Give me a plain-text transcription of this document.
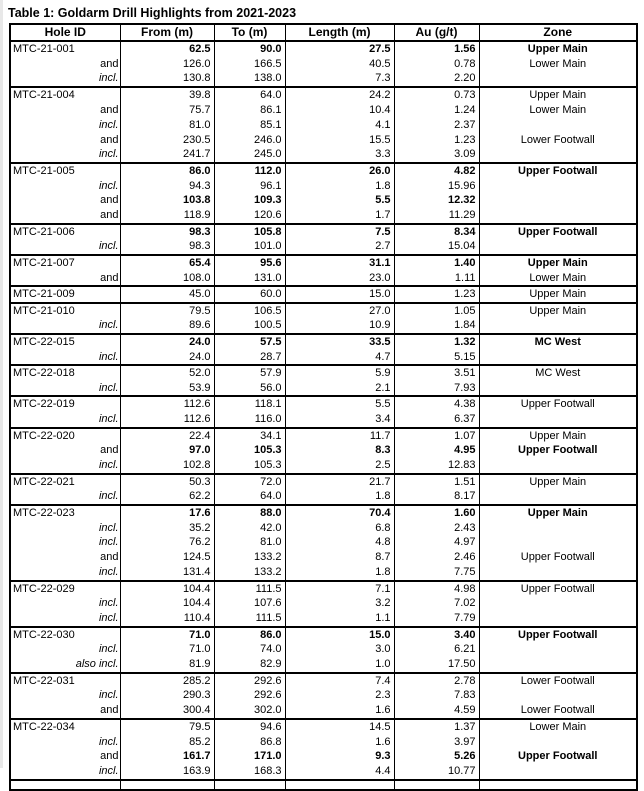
Table 1: Goldarm Drill Highlights from 2021-2023
Hole ID	From (m)	To (m)	Length (m)	Au (g/t)	Zone
MTC-21-001	62.5	90.0	27.5	1.56	Upper Main
and	126.0	166.5	40.5	0.78	Lower Main
incl.	130.8	138.0	7.3	2.20	
MTC-21-004	39.8	64.0	24.2	0.73	Upper Main
and	75.7	86.1	10.4	1.24	Lower Main
incl.	81.0	85.1	4.1	2.37	
and	230.5	246.0	15.5	1.23	Lower Footwall
incl.	241.7	245.0	3.3	3.09	
MTC-21-005	86.0	112.0	26.0	4.82	Upper Footwall
incl.	94.3	96.1	1.8	15.96	
and	103.8	109.3	5.5	12.32	
and	118.9	120.6	1.7	11.29	
MTC-21-006	98.3	105.8	7.5	8.34	Upper Footwall
incl.	98.3	101.0	2.7	15.04	
MTC-21-007	65.4	95.6	31.1	1.40	Upper Main
and	108.0	131.0	23.0	1.11	Lower Main
MTC-21-009	45.0	60.0	15.0	1.23	Upper Main
MTC-21-010	79.5	106.5	27.0	1.05	Upper Main
incl.	89.6	100.5	10.9	1.84	
MTC-22-015	24.0	57.5	33.5	1.32	MC West
incl.	24.0	28.7	4.7	5.15	
MTC-22-018	52.0	57.9	5.9	3.51	MC West
incl.	53.9	56.0	2.1	7.93	
MTC-22-019	112.6	118.1	5.5	4.38	Upper Footwall
incl.	112.6	116.0	3.4	6.37	
MTC-22-020	22.4	34.1	11.7	1.07	Upper Main
and	97.0	105.3	8.3	4.95	Upper Footwall
incl.	102.8	105.3	2.5	12.83	
MTC-22-021	50.3	72.0	21.7	1.51	Upper Main
incl.	62.2	64.0	1.8	8.17	
MTC-22-023	17.6	88.0	70.4	1.60	Upper Main
incl.	35.2	42.0	6.8	2.43	
incl.	76.2	81.0	4.8	4.97	
and	124.5	133.2	8.7	2.46	Upper Footwall
incl.	131.4	133.2	1.8	7.75	
MTC-22-029	104.4	111.5	7.1	4.98	Upper Footwall
incl.	104.4	107.6	3.2	7.02	
incl.	110.4	111.5	1.1	7.79	
MTC-22-030	71.0	86.0	15.0	3.40	Upper Footwall
incl.	71.0	74.0	3.0	6.21	
also incl.	81.9	82.9	1.0	17.50	
MTC-22-031	285.2	292.6	7.4	2.78	Lower Footwall
incl.	290.3	292.6	2.3	7.83	
and	300.4	302.0	1.6	4.59	Lower Footwall
MTC-22-034	79.5	94.6	14.5	1.37	Lower Main
incl.	85.2	86.8	1.6	3.97	
and	161.7	171.0	9.3	5.26	Upper Footwall
incl.	163.9	168.3	4.4	10.77	
